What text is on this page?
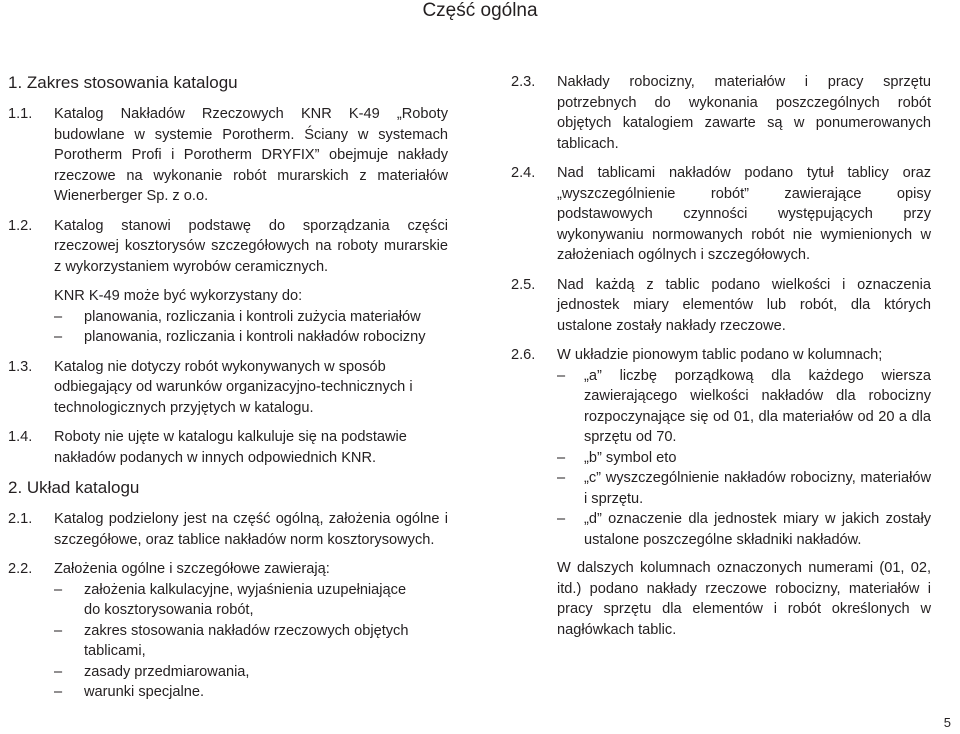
Część ogólna
1. Zakres stosowania katalogu
1.1.	Katalog Nakładów Rzeczowych KNR K-49 „Roboty budowlane w systemie Porotherm. Ściany w systemach Porotherm Profi i Porotherm DRYFIX” obejmuje nakłady rzeczowe na wykonanie robót murarskich z materiałów Wienerberger Sp. z o.o.
1.2.	Katalog stanowi podstawę do sporządzania części rzeczowej kosztorysów szczegółowych na roboty murarskie z wykorzystaniem wyrobów ceramicznych.
KNR K-49 może być wykorzystany do:
–	planowania, rozliczania i kontroli zużycia materiałów
–	planowania, rozliczania i kontroli nakładów robocizny
1.3.	Katalog nie dotyczy robót wykonywanych w sposób odbiegający od warunków organizacyjno-technicznych i technologicznych przyjętych w katalogu.
1.4.	Roboty nie ujęte w katalogu kalkuluje się na podstawie nakładów podanych w innych odpowiednich KNR.
2. Układ katalogu
2.1.	Katalog podzielony jest na część ogólną, założenia ogólne i szczegółowe, oraz tablice nakładów norm kosztorysowych.
2.2.	Założenia ogólne i szczegółowe zawierają:
–	założenia kalkulacyjne, wyjaśnienia uzupełniające do kosztorysowania robót,
–	zakres stosowania nakładów rzeczowych objętych tablicami,
–	zasady przedmiarowania,
–	warunki specjalne.
2.3.	Nakłady robocizny, materiałów i pracy sprzętu potrzebnych do wykonania poszczególnych robót objętych katalogiem zawarte są w ponumerowanych tablicach.
2.4.	Nad tablicami nakładów podano tytuł tablicy oraz „wyszczególnienie robót” zawierające opisy podstawowych czynności występujących przy wykonywaniu normowanych robót nie wymienionych w założeniach ogólnych i szczegółowych.
2.5.	Nad każdą z tablic podano wielkości i oznaczenia jednostek miary elementów lub robót, dla których ustalone zostały nakłady rzeczowe.
2.6.	W układzie pionowym tablic podano w kolumnach;
–	„a” liczbę porządkową dla każdego wiersza zawierającego wielkości nakładów dla robocizny rozpoczynające się od 01, dla materiałów od 20 a dla sprzętu od 70.
–	„b” symbol eto
–	„c” wyszczególnienie nakładów robocizny, materiałów i sprzętu.
–	„d” oznaczenie dla jednostek miary w jakich zostały ustalone poszczególne składniki nakładów.
W dalszych kolumnach oznaczonych numerami (01, 02, itd.) podano nakłady rzeczowe robocizny, materiałów i pracy sprzętu dla elementów i robót określonych w nagłówkach tablic.
5
